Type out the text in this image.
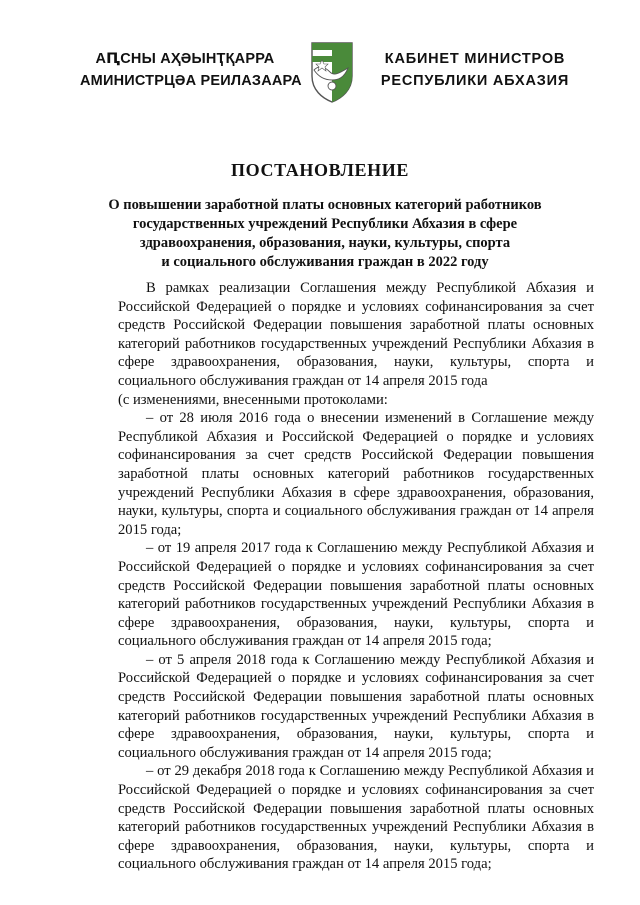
АԤСНЫ АҲӘЫНҬҚАРРА
АМИНИСТРЦӘА РЕИЛАЗААРА
КАБИНЕТ МИНИСТРОВ
РЕСПУБЛИКИ АБХАЗИЯ
ПОСТАНОВЛЕНИЕ
О повышении заработной платы основных категорий работников
государственных учреждений Республики Абхазия в сфере
здравоохранения, образования, науки, культуры, спорта
и социального обслуживания граждан в 2022 году

В рамках реализации Соглашения между Республикой Абхазия и Российской Федерацией о порядке и условиях софинансирования за счет средств Российской Федерации повышения заработной платы основных категорий работников государственных учреждений Республики Абхазия в сфере здравоохранения, образования, науки, культуры, спорта и социального обслуживания граждан от 14 апреля 2015 года

(с изменениями, внесенными протоколами:

– от 28 июля 2016 года о внесении изменений в Соглашение между Республикой Абхазия и Российской Федерацией о порядке и условиях софинансирования за счет средств Российской Федерации повышения заработной платы основных категорий работников государственных учреждений Республики Абхазия в сфере здравоохранения, образования, науки, культуры, спорта и социального обслуживания граждан от 14 апреля 2015 года;

– от 19 апреля 2017 года к Соглашению между Республикой Абхазия и Российской Федерацией о порядке и условиях софинансирования за счет средств Российской Федерации повышения заработной платы основных категорий работников государственных учреждений Республики Абхазия в сфере здравоохранения, образования, науки, культуры, спорта и социального обслуживания граждан от 14 апреля 2015 года;

– от 5 апреля 2018 года к Соглашению между Республикой Абхазия и Российской Федерацией о порядке и условиях софинансирования за счет средств Российской Федерации повышения заработной платы основных категорий работников государственных учреждений Республики Абхазия в сфере здравоохранения, образования, науки, культуры, спорта и социального обслуживания граждан от 14 апреля 2015 года;

– от 29 декабря 2018 года к Соглашению между Республикой Абхазия и Российской Федерацией о порядке и условиях софинансирования за счет средств Российской Федерации повышения заработной платы основных категорий работников государственных учреждений Республики Абхазия в сфере здравоохранения, образования, науки, культуры, спорта и социального обслуживания граждан от 14 апреля 2015 года;
